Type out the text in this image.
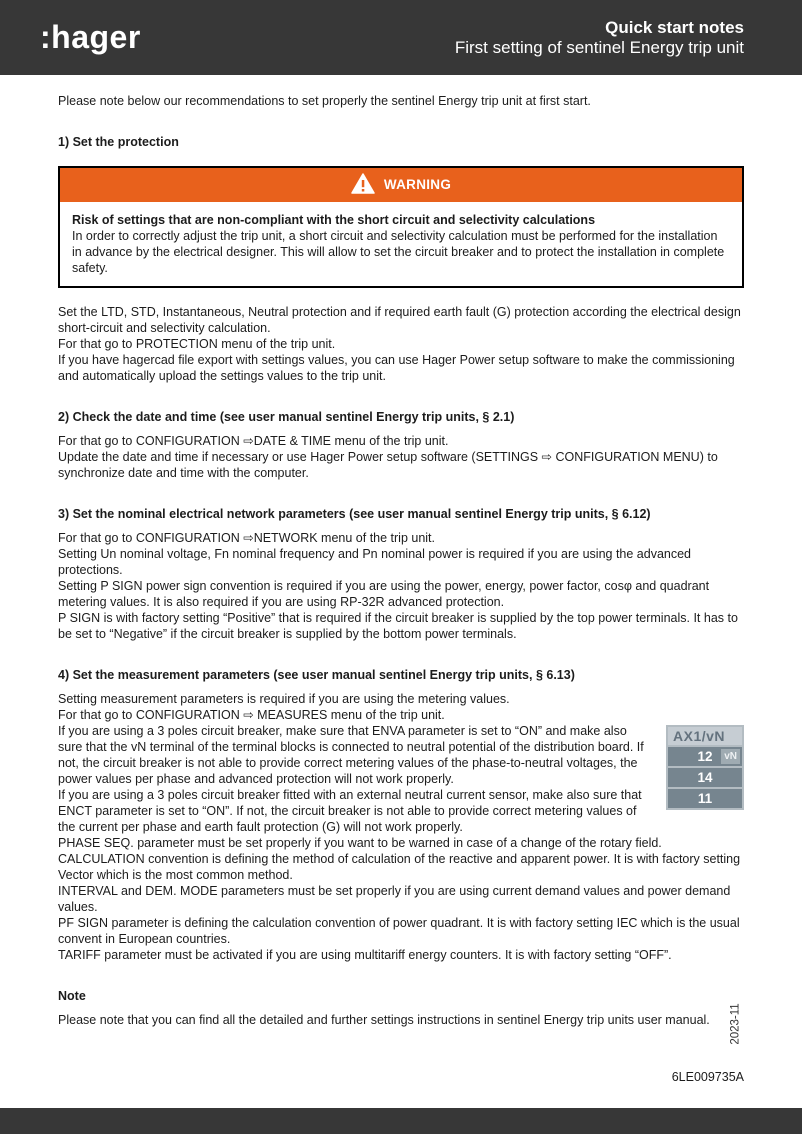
:hager	Quick start notes
First setting of sentinel Energy trip unit

Please note below our recommendations to set properly the sentinel Energy trip unit at first start.

1) Set the protection
WARNING
Risk of settings that are non-compliant with the short circuit and selectivity calculations
In order to correctly adjust the trip unit, a short circuit and selectivity calculation must be performed for the installation in advance by the electrical designer. This will allow to set the circuit breaker and to protect the installation in complete safety.
Set the LTD, STD, Instantaneous, Neutral protection and if required earth fault (G) protection according the electrical design short-circuit and selectivity calculation.
For that go to PROTECTION menu of the trip unit.
If you have hagercad file export with settings values, you can use Hager Power setup software to make the commissioning and automatically upload the settings values to the trip unit.
2) Check the date and time (see user manual sentinel Energy trip units, § 2.1)
For that go to CONFIGURATION ⇨DATE & TIME menu of the trip unit.
Update the date and time if necessary or use Hager Power setup software (SETTINGS ⇨ CONFIGURATION MENU) to synchronize date and time with the computer.
3) Set the nominal electrical network parameters (see user manual sentinel Energy trip units, § 6.12)
For that go to CONFIGURATION ⇨NETWORK menu of the trip unit.
Setting Un nominal voltage, Fn nominal frequency and Pn nominal power is required if you are using the advanced protections.
Setting P SIGN power sign convention is required if you are using the power, energy, power factor, cosφ and quadrant metering values. It is also required if you are using RP-32R advanced protection.
P SIGN is with factory setting “Positive” that is required if the circuit breaker is supplied by the top power terminals. It has to be set to “Negative” if the circuit breaker is supplied by the bottom power terminals.
4) Set the measurement parameters (see user manual sentinel Energy trip units, § 6.13)
Setting measurement parameters is required if you are using the metering values.
For that go to CONFIGURATION ⇨ MEASURES menu of the trip unit.
AX1/vN
12	vN
14
11
If you are using a 3 poles circuit breaker, make sure that ENVA parameter is set to “ON” and make also sure that the vN terminal of the terminal blocks is connected to neutral potential of the distribution board. If not, the circuit breaker is not able to provide correct metering values of the phase-to-neutral voltages, the power values per phase and advanced protection will not work properly.
If you are using a 3 poles circuit breaker fitted with an external neutral current sensor, make also sure that ENCT parameter is set to “ON”. If not, the circuit breaker is not able to provide correct metering values of the current per phase and earth fault protection (G) will not work properly.
PHASE SEQ. parameter must be set properly if you want to be warned in case of a change of the rotary field.
CALCULATION convention is defining the method of calculation of the reactive and apparent power. It is with factory setting Vector which is the most common method.
INTERVAL and DEM. MODE parameters must be set properly if you are using current demand values and power demand values.
PF SIGN parameter is defining the calculation convention of power quadrant. It is with factory setting IEC which is the usual convent in European countries.
TARIFF parameter must be activated if you are using multitariff energy counters. It is with factory setting “OFF”.
Note
Please note that you can find all the detailed and further settings instructions in sentinel Energy trip units user manual.	2023-11
6LE009735A
